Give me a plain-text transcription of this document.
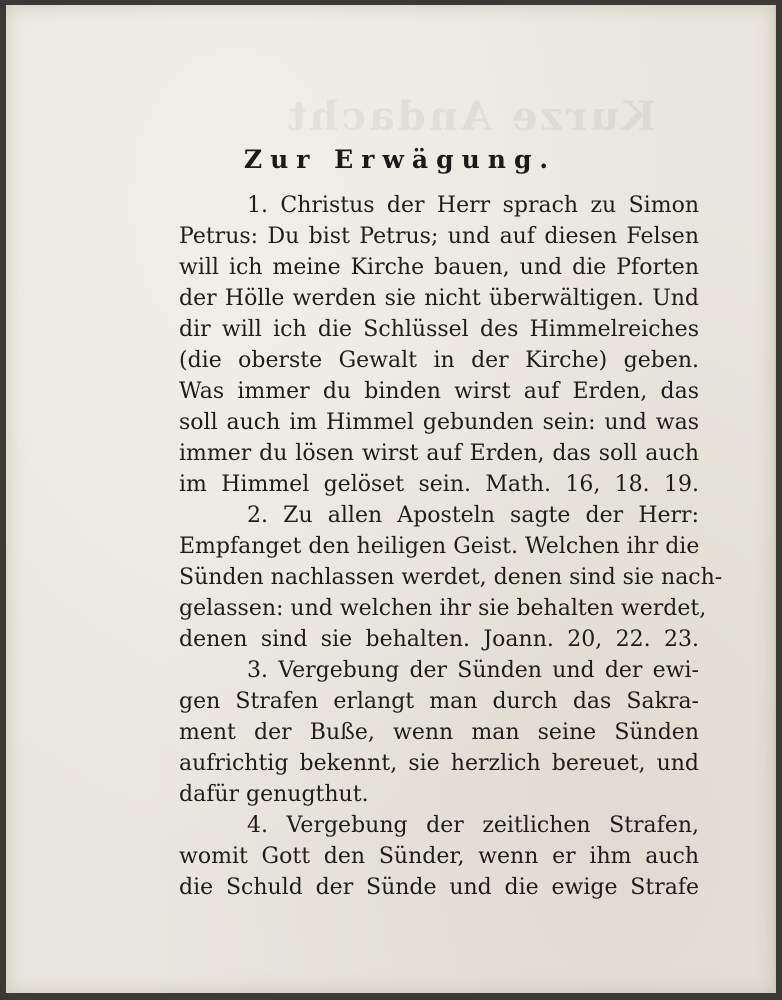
Kurze Andacht
Zur Erwägung.
1. Christus der Herr sprach zu Simon
Petrus: Du bist Petrus; und auf diesen Felsen
will ich meine Kirche bauen, und die Pforten
der Hölle werden sie nicht überwältigen. Und
dir will ich die Schlüssel des Himmelreiches
(die oberste Gewalt in der Kirche) geben.
Was immer du binden wirst auf Erden, das
soll auch im Himmel gebunden sein: und was
immer du lösen wirst auf Erden, das soll auch
im Himmel gelöset sein. Math. 16, 18. 19.
2. Zu allen Aposteln sagte der Herr:
Empfanget den heiligen Geist. Welchen ihr die
Sünden nachlassen werdet, denen sind sie nach-
gelassen: und welchen ihr sie behalten werdet,
denen sind sie behalten. Joann. 20, 22. 23.
3. Vergebung der Sünden und der ewi-
gen Strafen erlangt man durch das Sakra-
ment der Buße, wenn man seine Sünden
aufrichtig bekennt, sie herzlich bereuet, und
dafür genugthut.
4. Vergebung der zeitlichen Strafen,
womit Gott den Sünder, wenn er ihm auch
die Schuld der Sünde und die ewige Strafe
